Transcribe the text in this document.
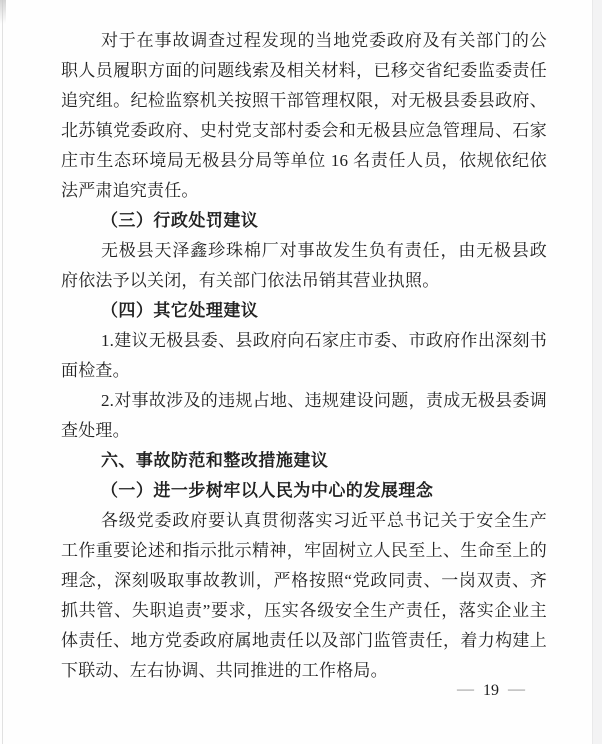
对于在事故调查过程发现的当地党委政府及有关部门的公职人员履职方面的问题线索及相关材料，已移交省纪委监委责任追究组。纪检监察机关按照干部管理权限，对无极县委县政府、北苏镇党委政府、史村党支部村委会和无极县应急管理局、石家庄市生态环境局无极县分局等单位 16 名责任人员，依规依纪依法严肃追究责任。

（三）行政处罚建议

无极县天泽鑫珍珠棉厂对事故发生负有责任，由无极县政府依法予以关闭，有关部门依法吊销其营业执照。

（四）其它处理建议

1.建议无极县委、县政府向石家庄市委、市政府作出深刻书面检查。

2.对事故涉及的违规占地、违规建设问题，责成无极县委调查处理。

六、事故防范和整改措施建议

（一）进一步树牢以人民为中心的发展理念

各级党委政府要认真贯彻落实习近平总书记关于安全生产工作重要论述和指示批示精神，牢固树立人民至上、生命至上的理念，深刻吸取事故教训，严格按照“党政同责、一岗双责、齐抓共管、失职追责”要求，压实各级安全生产责任，落实企业主体责任、地方党委政府属地责任以及部门监管责任，着力构建上下联动、左右协调、共同推进的工作格局。

— 19 —
